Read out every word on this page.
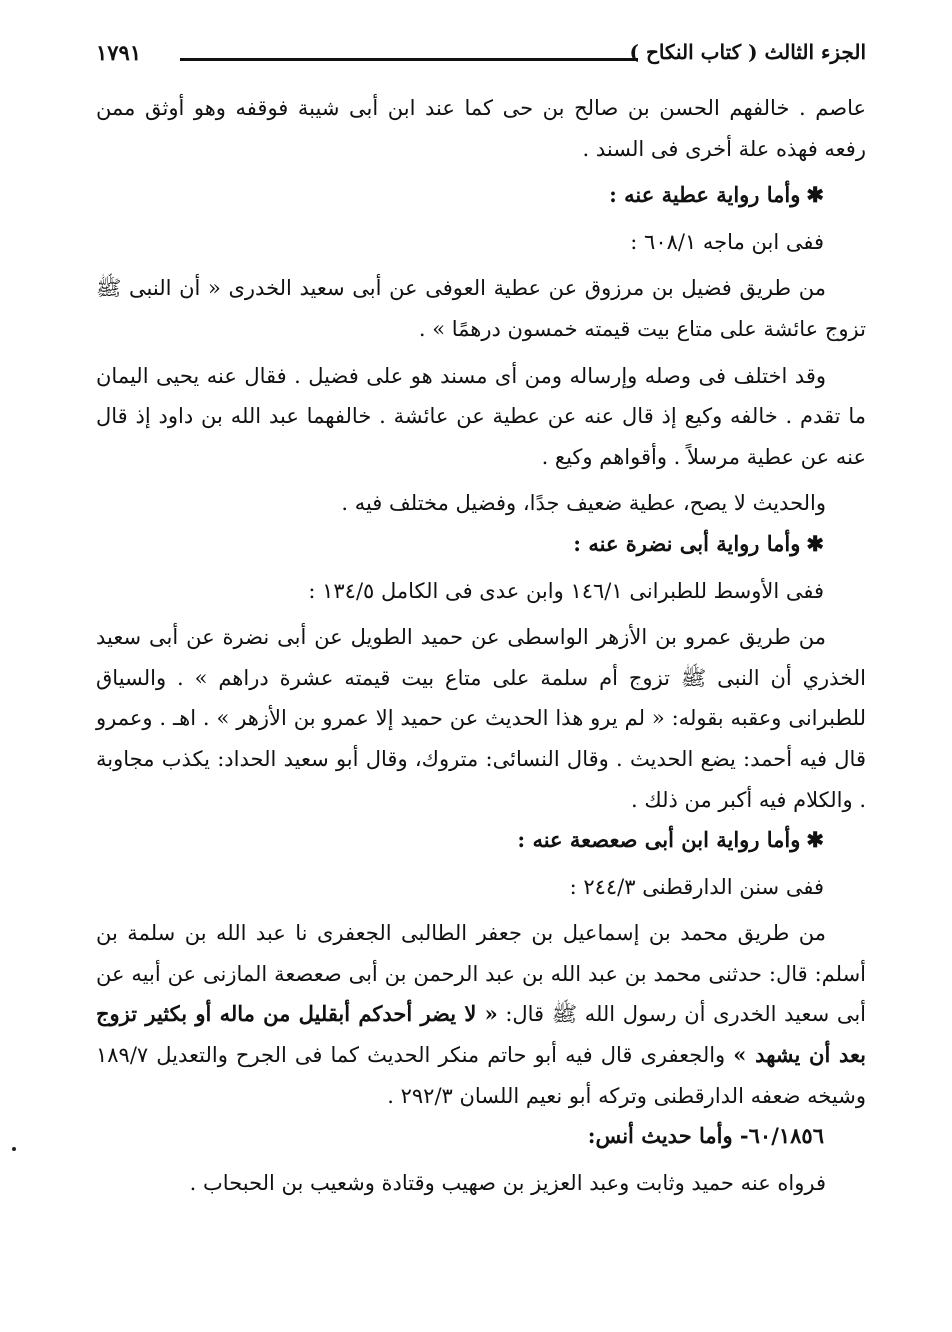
الجزء الثالث ( كتاب النكاح )
١٧٩١

عاصم . خالفهم الحسن بن صالح بن حى كما عند ابن أبى شيبة فوقفه وهو أوثق ممن رفعه فهذه علة أخرى فى السند .

✱وأما رواية عطية عنه :

ففى ابن ماجه ٦٠٨/١ :

من طريق فضيل بن مرزوق عن عطية العوفى عن أبى سعيد الخدرى « أن النبى ﷺ تزوج عائشة على متاع بيت قيمته خمسون درهمًا » .

وقد اختلف فى وصله وإرساله ومن أى مسند هو على فضيل . فقال عنه يحيى اليمان ما تقدم . خالفه وكيع إذ قال عنه عن عطية عن عائشة . خالفهما عبد الله بن داود إذ قال عنه عن عطية مرسلاً . وأقواهم وكيع .

والحديث لا يصح، عطية ضعيف جدًا، وفضيل مختلف فيه .

✱وأما رواية أبى نضرة عنه :

ففى الأوسط للطبرانى ١٤٦/١ وابن عدى فى الكامل ١٣٤/٥ :

من طريق عمرو بن الأزهر الواسطى عن حميد الطويل عن أبى نضرة عن أبى سعيد الخذري أن النبى ﷺ تزوج أم سلمة على متاع بيت قيمته عشرة دراهم » . والسياق للطبرانى وعقبه بقوله: « لم يرو هذا الحديث عن حميد إلا عمرو بن الأزهر » . اهـ . وعمرو قال فيه أحمد: يضع الحديث . وقال النسائى: متروك، وقال أبو سعيد الحداد: يكذب مجاوبة . والكلام فيه أكبر من ذلك .

✱وأما رواية ابن أبى صعصعة عنه :

ففى سنن الدارقطنى ٢٤٤/٣ :

من طريق محمد بن إسماعيل بن جعفر الطالبى الجعفرى نا عبد الله بن سلمة بن أسلم: قال: حدثنى محمد بن عبد الله بن عبد الرحمن بن أبى صعصعة المازنى عن أبيه عن أبى سعيد الخدرى أن رسول الله ﷺ قال: « لا يضر أحدكم أبقليل من ماله أو بكثير تزوج بعد أن يشهد » والجعفرى قال فيه أبو حاتم منكر الحديث كما فى الجرح والتعديل ١٨٩/٧ وشيخه ضعفه الدارقطنى وتركه أبو نعيم اللسان ٢٩٢/٣ .

٦٠/١٨٥٦- وأما حديث أنس:

فرواه عنه حميد وثابت وعبد العزيز بن صهيب وقتادة وشعيب بن الحبحاب .
